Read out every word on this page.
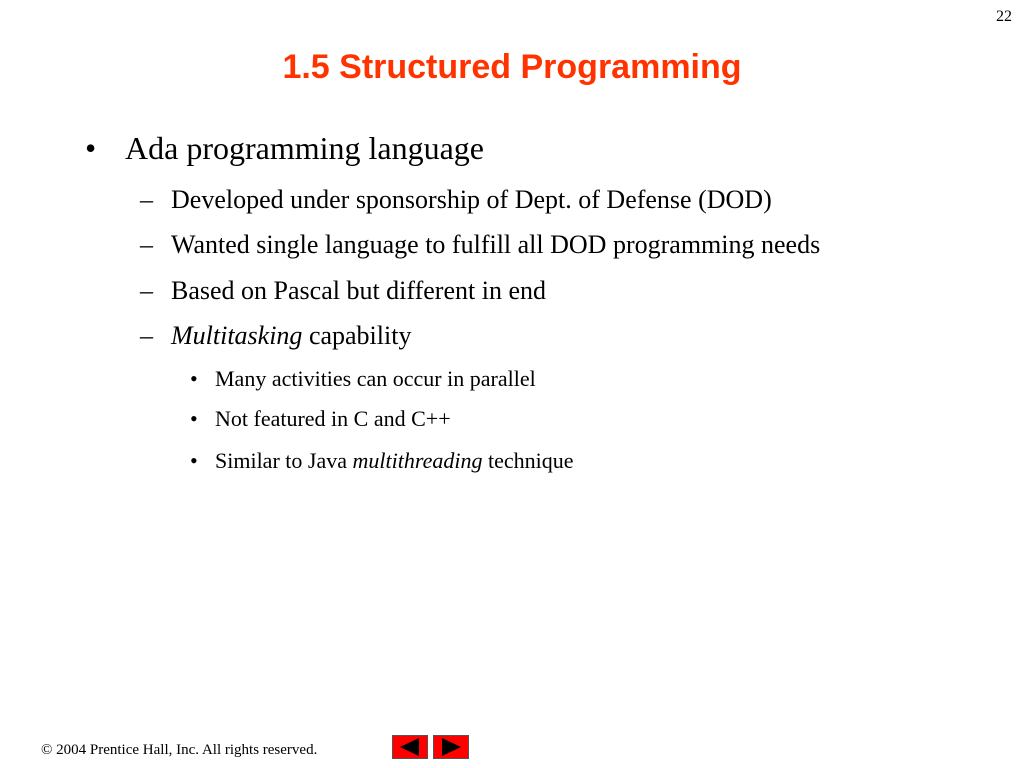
22
1.5 Structured Programming
• Ada programming language
– Developed under sponsorship of Dept. of Defense (DOD)
– Wanted single language to fulfill all DOD programming needs
– Based on Pascal but different in end
– Multitasking capability
• Many activities can occur in parallel
• Not featured in C and C++
• Similar to Java multithreading technique
© 2004 Prentice Hall, Inc. All rights reserved.
